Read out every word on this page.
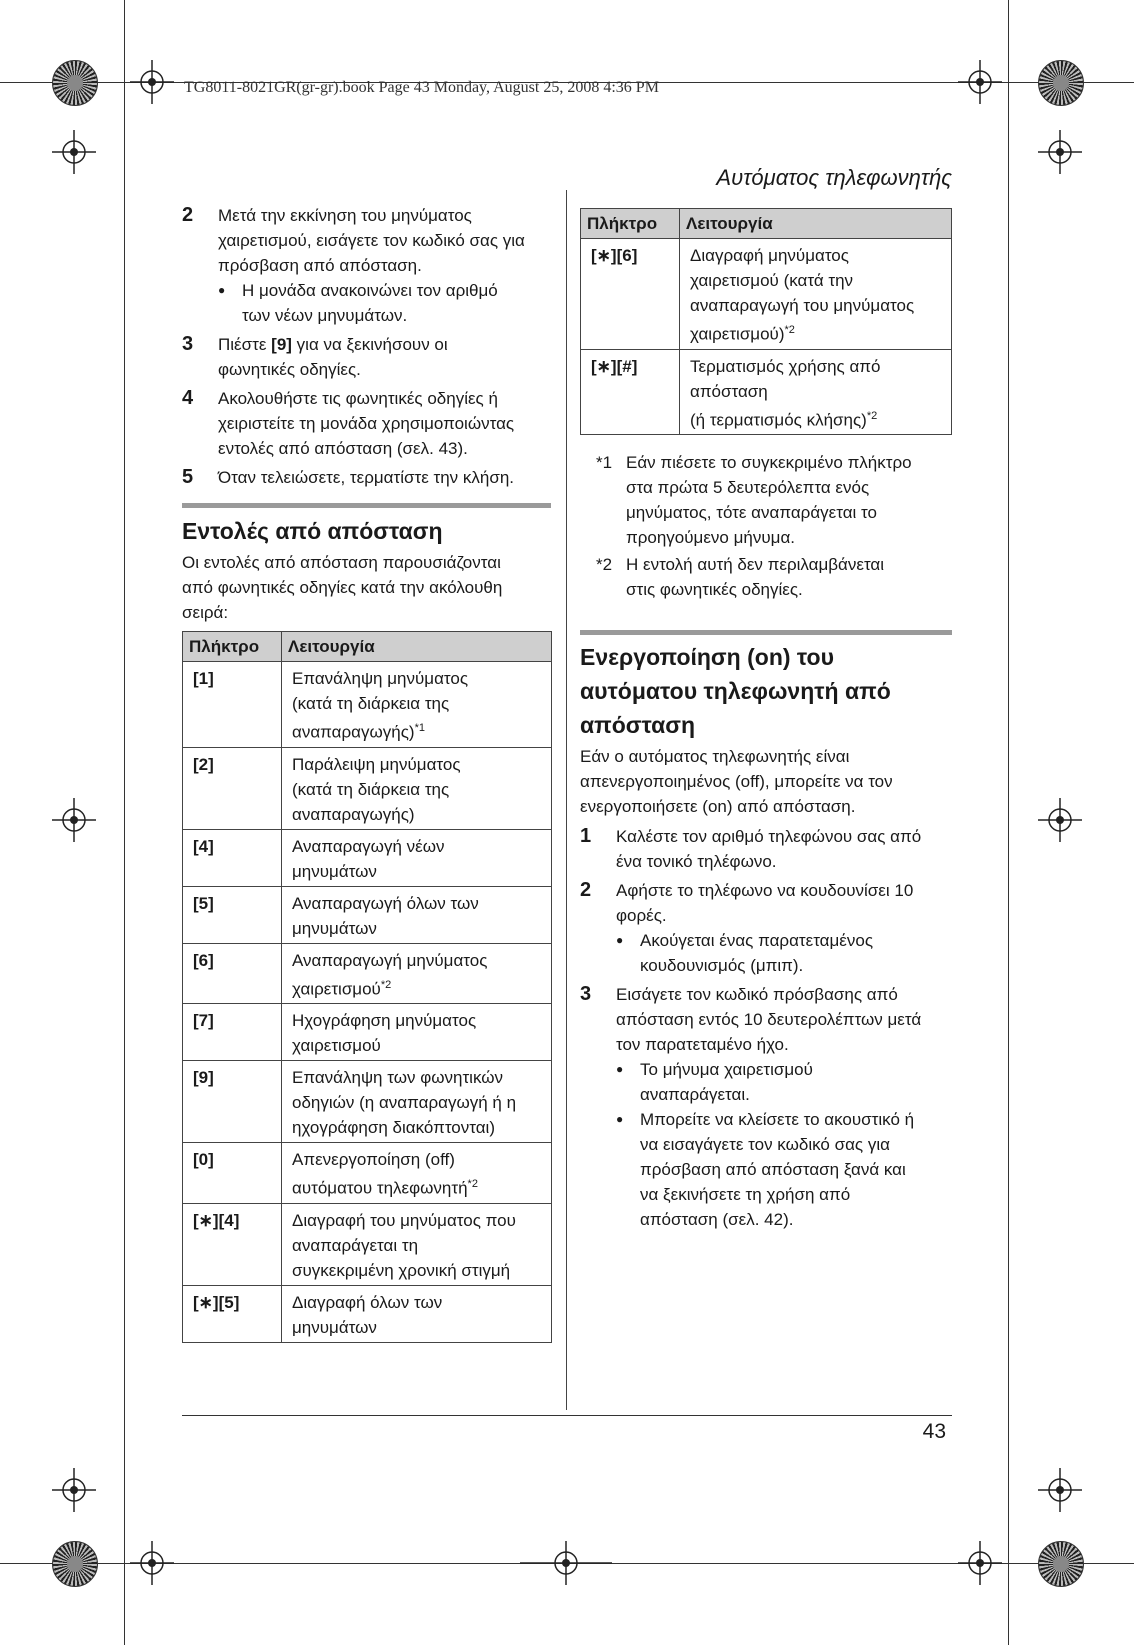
TG8011-8021GR(gr-gr).book Page 43 Monday, August 25, 2008 4:36 PM
Αυτόματος τηλεφωνητής
2 Μετά την εκκίνηση του μηνύματος
χαιρετισμού, εισάγετε τον κωδικό σας για
πρόσβαση από απόσταση.
● Η μονάδα ανακοινώνει τον αριθμό
των νέων μηνυμάτων.
3 Πιέστε [9] για να ξεκινήσουν οι
φωνητικές οδηγίες.
4 Ακολουθήστε τις φωνητικές οδηγίες ή
χειριστείτε τη μονάδα χρησιμοποιώντας
εντολές από απόσταση (σελ. 43).
5 Όταν τελειώσετε, τερματίστε την κλήση.
Εντολές από απόσταση
Οι εντολές από απόσταση παρουσιάζονται
από φωνητικές οδηγίες κατά την ακόλουθη
σειρά:
Πλήκτρο	Λειτουργία
[1]	Επανάληψη μηνύματος
(κατά τη διάρκεια της
αναπαραγωγής)$^{*1}$

[2]	Παράλειψη μηνύματος
(κατά τη διάρκεια της
αναπαραγωγής)

[4]	Αναπαραγωγή νέων
μηνυμάτων

[5]	Αναπαραγωγή όλων των
μηνυμάτων

[6]	Αναπαραγωγή μηνύματος
χαιρετισμού$^{*2}$

[7]	Ηχογράφηση μηνύματος
χαιρετισμού

[9]	Επανάληψη των φωνητικών
οδηγιών (η αναπαραγωγή ή η
ηχογράφηση διακόπτονται)

[0]	Απενεργοποίηση (off)
αυτόματου τηλεφωνητή$^{*2}$

[∗][4]	Διαγραφή του μηνύματος που
αναπαράγεται τη
συγκεκριμένη χρονική στιγμή

[∗][5]	Διαγραφή όλων των
μηνυμάτων
Πλήκτρο	Λειτουργία
[∗][6]	Διαγραφή μηνύματος
χαιρετισμού (κατά την
αναπαραγωγή του μηνύματος
χαιρετισμού)$^{*2}$

[∗][#]	Τερματισμός χρήσης από
απόσταση
(ή τερματισμός κλήσης)$^{*2}$
*1 Εάν πιέσετε το συγκεκριμένο πλήκτρο
στα πρώτα 5 δευτερόλεπτα ενός
μηνύματος, τότε αναπαράγεται το
προηγούμενο μήνυμα.
*2 Η εντολή αυτή δεν περιλαμβάνεται
στις φωνητικές οδηγίες.
Ενεργοποίηση (on) του
αυτόματου τηλεφωνητή από
απόσταση
Εάν ο αυτόματος τηλεφωνητής είναι
απενεργοποιημένος (off), μπορείτε να τον
ενεργοποιήσετε (on) από απόσταση.
1 Καλέστε τον αριθμό τηλεφώνου σας από
ένα τονικό τηλέφωνο.
2 Αφήστε το τηλέφωνο να κουδουνίσει 10
φορές.
● Ακούγεται ένας παρατεταμένος
κουδουνισμός (μπιπ).
3 Εισάγετε τον κωδικό πρόσβασης από
απόσταση εντός 10 δευτερολέπτων μετά
τον παρατεταμένο ήχο.
● Το μήνυμα χαιρετισμού
αναπαράγεται.
● Μπορείτε να κλείσετε το ακουστικό ή
να εισαγάγετε τον κωδικό σας για
πρόσβαση από απόσταση ξανά και
να ξεκινήσετε τη χρήση από
απόσταση (σελ. 42).
43
